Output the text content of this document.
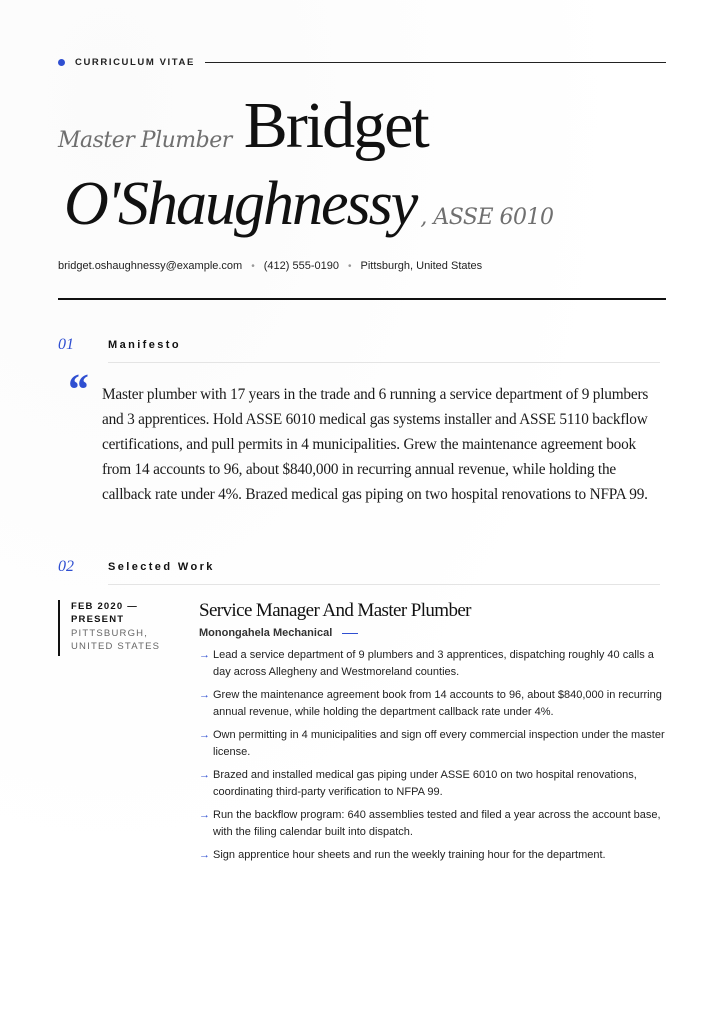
CURRICULUM VITAE
Master Plumber Bridget
O'Shaughnessy , ASSE 6010
bridget.oshaughnessy@example.com • (412) 555-0190 • Pittsburgh, United States
01	Manifesto
“ Master plumber with 17 years in the trade and 6 running a service department of 9 plumbers and 3 apprentices. Hold ASSE 6010 medical gas systems installer and ASSE 5110 backflow certifications, and pull permits in 4 municipalities. Grew the maintenance agreement book from 14 accounts to 96, about $840,000 in recurring annual revenue, while holding the callback rate under 4%. Brazed medical gas piping on two hospital renovations to NFPA 99.
02	Selected Work
FEB 2020 — PRESENT
PITTSBURGH, UNITED STATES
Service Manager And Master Plumber
Monongahela Mechanical
→ Lead a service department of 9 plumbers and 3 apprentices, dispatching roughly 40 calls a day across Allegheny and Westmoreland counties.
→ Grew the maintenance agreement book from 14 accounts to 96, about $840,000 in recurring annual revenue, while holding the department callback rate under 4%.
→ Own permitting in 4 municipalities and sign off every commercial inspection under the master license.
→ Brazed and installed medical gas piping under ASSE 6010 on two hospital renovations, coordinating third-party verification to NFPA 99.
→ Run the backflow program: 640 assemblies tested and filed a year across the account base, with the filing calendar built into dispatch.
→ Sign apprentice hour sheets and run the weekly training hour for the department.
